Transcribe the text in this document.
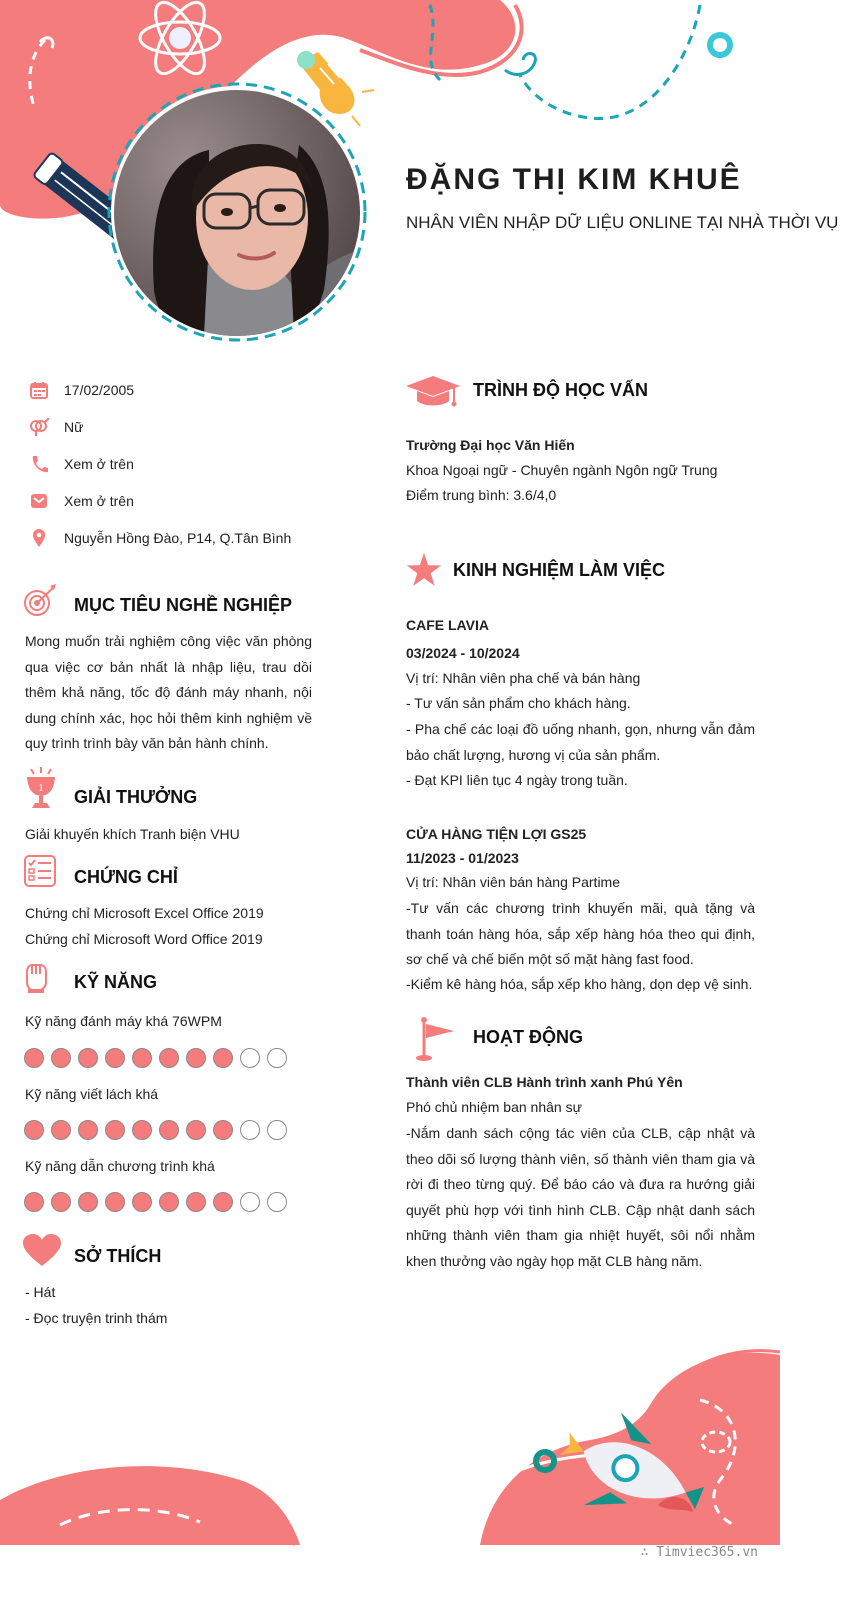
ĐẶNG THỊ KIM KHUÊ
NHÂN VIÊN NHẬP DỮ LIỆU ONLINE TẠI NHÀ THỜI VỤ
17/02/2005
Nữ
Xem ở trên
Xem ở trên
Nguyễn Hồng Đào, P14, Q.Tân Bình
MỤC TIÊU NGHỀ NGHIỆP
Mong muốn trải nghiệm công việc văn phòng qua việc cơ bản nhất là nhập liệu, trau dồi thêm khả năng, tốc độ đánh máy nhanh, nội dung chính xác, học hỏi thêm kinh nghiệm về quy trình trình bày văn bản hành chính.
1 GIẢI THƯỞNG
Giải khuyến khích Tranh biện VHU
CHỨNG CHỈ
Chứng chỉ Microsoft Excel Office 2019
Chứng chỉ Microsoft Word Office 2019
KỸ NĂNG
Kỹ năng đánh máy khá 76WPM
Kỹ năng viết lách khá
Kỹ năng dẫn chương trình khá
SỞ THÍCH
- Hát
- Đọc truyện trinh thám
TRÌNH ĐỘ HỌC VẤN
Trường Đại học Văn Hiến
Khoa Ngoại ngữ - Chuyên ngành Ngôn ngữ Trung
Điểm trung bình: 3.6/4,0
KINH NGHIỆM LÀM VIỆC
CAFE LAVIA
03/2024 - 10/2024
Vị trí: Nhân viên pha chế và bán hàng
- Tư vấn sản phẩm cho khách hàng.
- Pha chế các loại đồ uống nhanh, gọn, nhưng vẫn đảm bảo chất lượng, hương vị của sản phẩm.
- Đạt KPI liên tục 4 ngày trong tuần.
CỬA HÀNG TIỆN LỢI GS25
11/2023 - 01/2023
Vị trí: Nhân viên bán hàng Partime
-Tư vấn các chương trình khuyến mãi, quà tặng và thanh toán hàng hóa, sắp xếp hàng hóa theo qui định, sơ chế và chế biến một số mặt hàng fast food.
-Kiểm kê hàng hóa, sắp xếp kho hàng, dọn dẹp vệ sinh.
HOẠT ĐỘNG
Thành viên CLB Hành trình xanh Phú Yên
Phó chủ nhiệm ban nhân sự
-Nắm danh sách cộng tác viên của CLB, cập nhật và theo dõi số lượng thành viên, số thành viên tham gia và rời đi theo từng quý. Để báo cáo và đưa ra hướng giải quyết phù hợp với tình hình CLB. Cập nhật danh sách những thành viên tham gia nhiệt huyết, sôi nổi nhằm khen thưởng vào ngày họp mặt CLB hàng năm.
∴ Timviec365.vn
